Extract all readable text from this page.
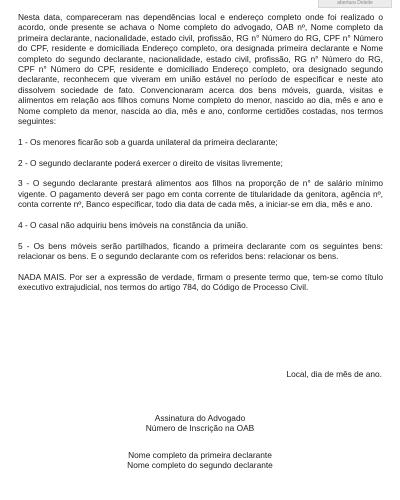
abertura Deleite

Nesta data, compareceram nas dependências local e endereço completo onde foi realizado o acordo, onde presente se achava o Nome completo do advogado, OAB nº, Nome completo da primeira declarante, nacionalidade, estado civil, profissão, RG n° Número do RG, CPF n° Número do CPF, residente e domiciliada Endereço completo, ora designada primeira declarante e Nome completo do segundo declarante, nacionalidade, estado civil, profissão, RG n° Número do RG, CPF n° Número do CPF, residente e domiciliado Endereço completo, ora designado segundo declarante, reconhecem que viveram em união estável no período de especificar e neste ato dissolvem sociedade de fato. Convencionaram acerca dos bens móveis, guarda, visitas e alimentos em relação aos filhos comuns Nome completo do menor, nascido ao dia, mês e ano e Nome completo da menor, nascida ao dia, mês e ano, conforme certidões costadas, nos termos seguintes:

1 - Os menores ficarão sob a guarda unilateral da primeira declarante;

2 - O segundo declarante poderá exercer o direito de visitas livremente;

3 - O segundo declarante prestará alimentos aos filhos na proporção de n° de salário mínimo vigente. O pagamento deverá ser pago em conta corrente de titularidade da genitora, agência nº, conta corrente nº, Banco especificar, todo dia data de cada mês, a iniciar-se em dia, mês e ano.

4 - O casal não adquiriu bens imóveis na constância da união.

5 - Os bens móveis serão partilhados, ficando a primeira declarante com os seguintes bens: relacionar os bens. E o segundo declarante com os referidos bens: relacionar os bens.

NADA MAIS. Por ser a expressão de verdade, firmam o presente termo que, tem-se como título executivo extrajudicial, nos termos do artigo 784, do Código de Processo Civil.

Local, dia de mês de ano.
Assinatura do Advogado
Número de Inscrição na OAB
Nome completo da primeira declarante
Nome completo do segundo declarante
